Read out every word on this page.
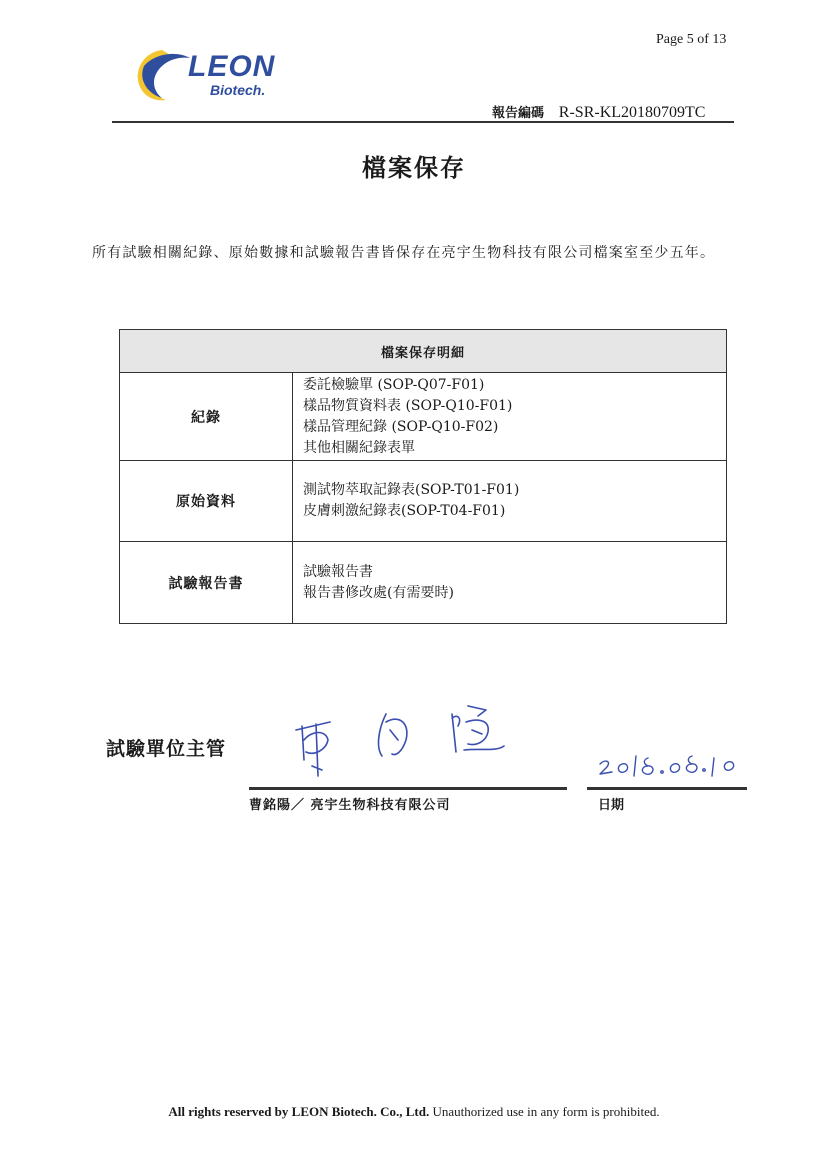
Page 5 of 13
LEON
Biotech.
報告編碼 R-SR-KL20180709TC
檔案保存
所有試驗相關紀錄、原始數據和試驗報告書皆保存在亮宇生物科技有限公司檔案室至少五年。
檔案保存明細	
紀錄	委託檢驗單 (SOP-Q07-F01)
樣品物質資料表 (SOP-Q10-F01)
樣品管理紀錄 (SOP-Q10-F02)
其他相關紀錄表單

原始資料	測試物萃取記錄表(SOP-T01-F01)
皮膚刺激紀錄表(SOP-T04-F01)

試驗報告書	試驗報告書
報告書修改處(有需要時)
試驗單位主管
曹銘陽／ 亮宇生物科技有限公司	日期
All rights reserved by LEON Biotech. Co., Ltd. Unauthorized use in any form is prohibited.
